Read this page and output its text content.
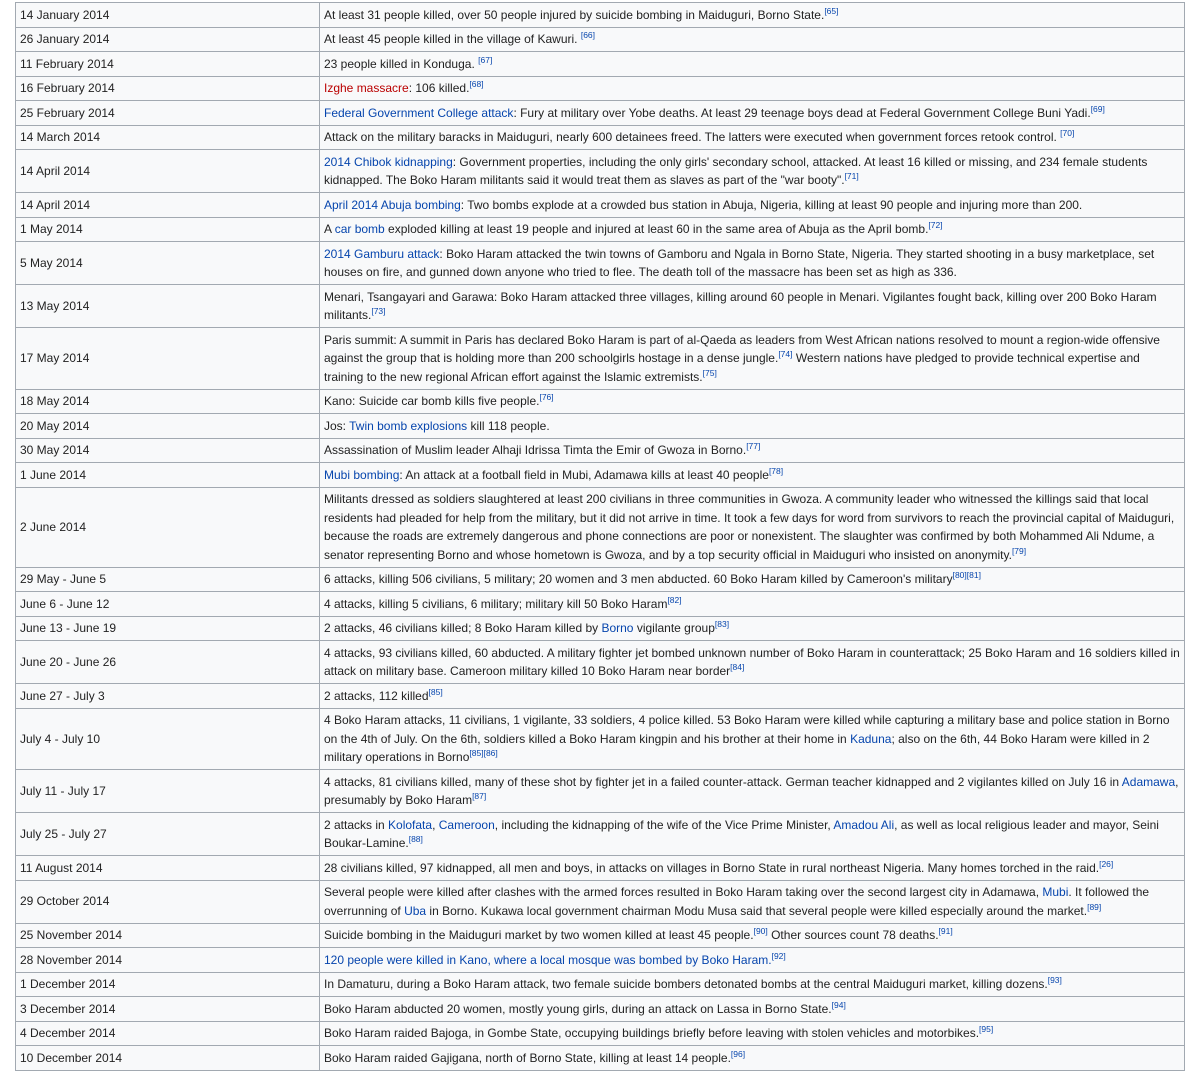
14 January 2014	At least 31 people killed, over 50 people injured by suicide bombing in Maiduguri, Borno State.[65]
26 January 2014	At least 45 people killed in the village of Kawuri. [66]
11 February 2014	23 people killed in Konduga. [67]
16 February 2014	Izghe massacre: 106 killed.[68]
25 February 2014	Federal Government College attack: Fury at military over Yobe deaths. At least 29 teenage boys dead at Federal Government College Buni Yadi.[69]
14 March 2014	Attack on the military baracks in Maiduguri, nearly 600 detainees freed. The latters were executed when government forces retook control. [70]
14 April 2014	2014 Chibok kidnapping: Government properties, including the only girls' secondary school, attacked. At least 16 killed or missing, and 234 female students kidnapped. The Boko Haram militants said it would treat them as slaves as part of the "war booty".[71]
14 April 2014	April 2014 Abuja bombing: Two bombs explode at a crowded bus station in Abuja, Nigeria, killing at least 90 people and injuring more than 200.
1 May 2014	A car bomb exploded killing at least 19 people and injured at least 60 in the same area of Abuja as the April bomb.[72]
5 May 2014	2014 Gamburu attack: Boko Haram attacked the twin towns of Gamboru and Ngala in Borno State, Nigeria. They started shooting in a busy marketplace, set houses on fire, and gunned down anyone who tried to flee. The death toll of the massacre has been set as high as 336.
13 May 2014	Menari, Tsangayari and Garawa: Boko Haram attacked three villages, killing around 60 people in Menari. Vigilantes fought back, killing over 200 Boko Haram militants.[73]
17 May 2014	Paris summit: A summit in Paris has declared Boko Haram is part of al-Qaeda as leaders from West African nations resolved to mount a region-wide offensive against the group that is holding more than 200 schoolgirls hostage in a dense jungle.[74] Western nations have pledged to provide technical expertise and training to the new regional African effort against the Islamic extremists.[75]
18 May 2014	Kano: Suicide car bomb kills five people.[76]
20 May 2014	Jos: Twin bomb explosions kill 118 people.
30 May 2014	Assassination of Muslim leader Alhaji Idrissa Timta the Emir of Gwoza in Borno.[77]
1 June 2014	Mubi bombing: An attack at a football field in Mubi, Adamawa kills at least 40 people[78]
2 June 2014	Militants dressed as soldiers slaughtered at least 200 civilians in three communities in Gwoza. A community leader who witnessed the killings said that local residents had pleaded for help from the military, but it did not arrive in time. It took a few days for word from survivors to reach the provincial capital of Maiduguri, because the roads are extremely dangerous and phone connections are poor or nonexistent. The slaughter was confirmed by both Mohammed Ali Ndume, a senator representing Borno and whose hometown is Gwoza, and by a top security official in Maiduguri who insisted on anonymity.[79]
29 May - June 5	6 attacks, killing 506 civilians, 5 military; 20 women and 3 men abducted. 60 Boko Haram killed by Cameroon's military[80][81]
June 6 - June 12	4 attacks, killing 5 civilians, 6 military; military kill 50 Boko Haram[82]
June 13 - June 19	2 attacks, 46 civilians killed; 8 Boko Haram killed by Borno vigilante group[83]
June 20 - June 26	4 attacks, 93 civilians killed, 60 abducted. A military fighter jet bombed unknown number of Boko Haram in counterattack; 25 Boko Haram and 16 soldiers killed in attack on military base. Cameroon military killed 10 Boko Haram near border[84]
June 27 - July 3	2 attacks, 112 killed[85]
July 4 - July 10	4 Boko Haram attacks, 11 civilians, 1 vigilante, 33 soldiers, 4 police killed. 53 Boko Haram were killed while capturing a military base and police station in Borno on the 4th of July. On the 6th, soldiers killed a Boko Haram kingpin and his brother at their home in Kaduna; also on the 6th, 44 Boko Haram were killed in 2 military operations in Borno[85][86]
July 11 - July 17	4 attacks, 81 civilians killed, many of these shot by fighter jet in a failed counter-attack. German teacher kidnapped and 2 vigilantes killed on July 16 in Adamawa, presumably by Boko Haram[87]
July 25 - July 27	2 attacks in Kolofata, Cameroon, including the kidnapping of the wife of the Vice Prime Minister, Amadou Ali, as well as local religious leader and mayor, Seini Boukar-Lamine.[88]
11 August 2014	28 civilians killed, 97 kidnapped, all men and boys, in attacks on villages in Borno State in rural northeast Nigeria. Many homes torched in the raid.[26]
29 October 2014	Several people were killed after clashes with the armed forces resulted in Boko Haram taking over the second largest city in Adamawa, Mubi. It followed the overrunning of Uba in Borno. Kukawa local government chairman Modu Musa said that several people were killed especially around the market.[89]
25 November 2014	Suicide bombing in the Maiduguri market by two women killed at least 45 people.[90] Other sources count 78 deaths.[91]
28 November 2014	120 people were killed in Kano, where a local mosque was bombed by Boko Haram.[92]
1 December 2014	In Damaturu, during a Boko Haram attack, two female suicide bombers detonated bombs at the central Maiduguri market, killing dozens.[93]
3 December 2014	Boko Haram abducted 20 women, mostly young girls, during an attack on Lassa in Borno State.[94]
4 December 2014	Boko Haram raided Bajoga, in Gombe State, occupying buildings briefly before leaving with stolen vehicles and motorbikes.[95]
10 December 2014	Boko Haram raided Gajigana, north of Borno State, killing at least 14 people.[96]
